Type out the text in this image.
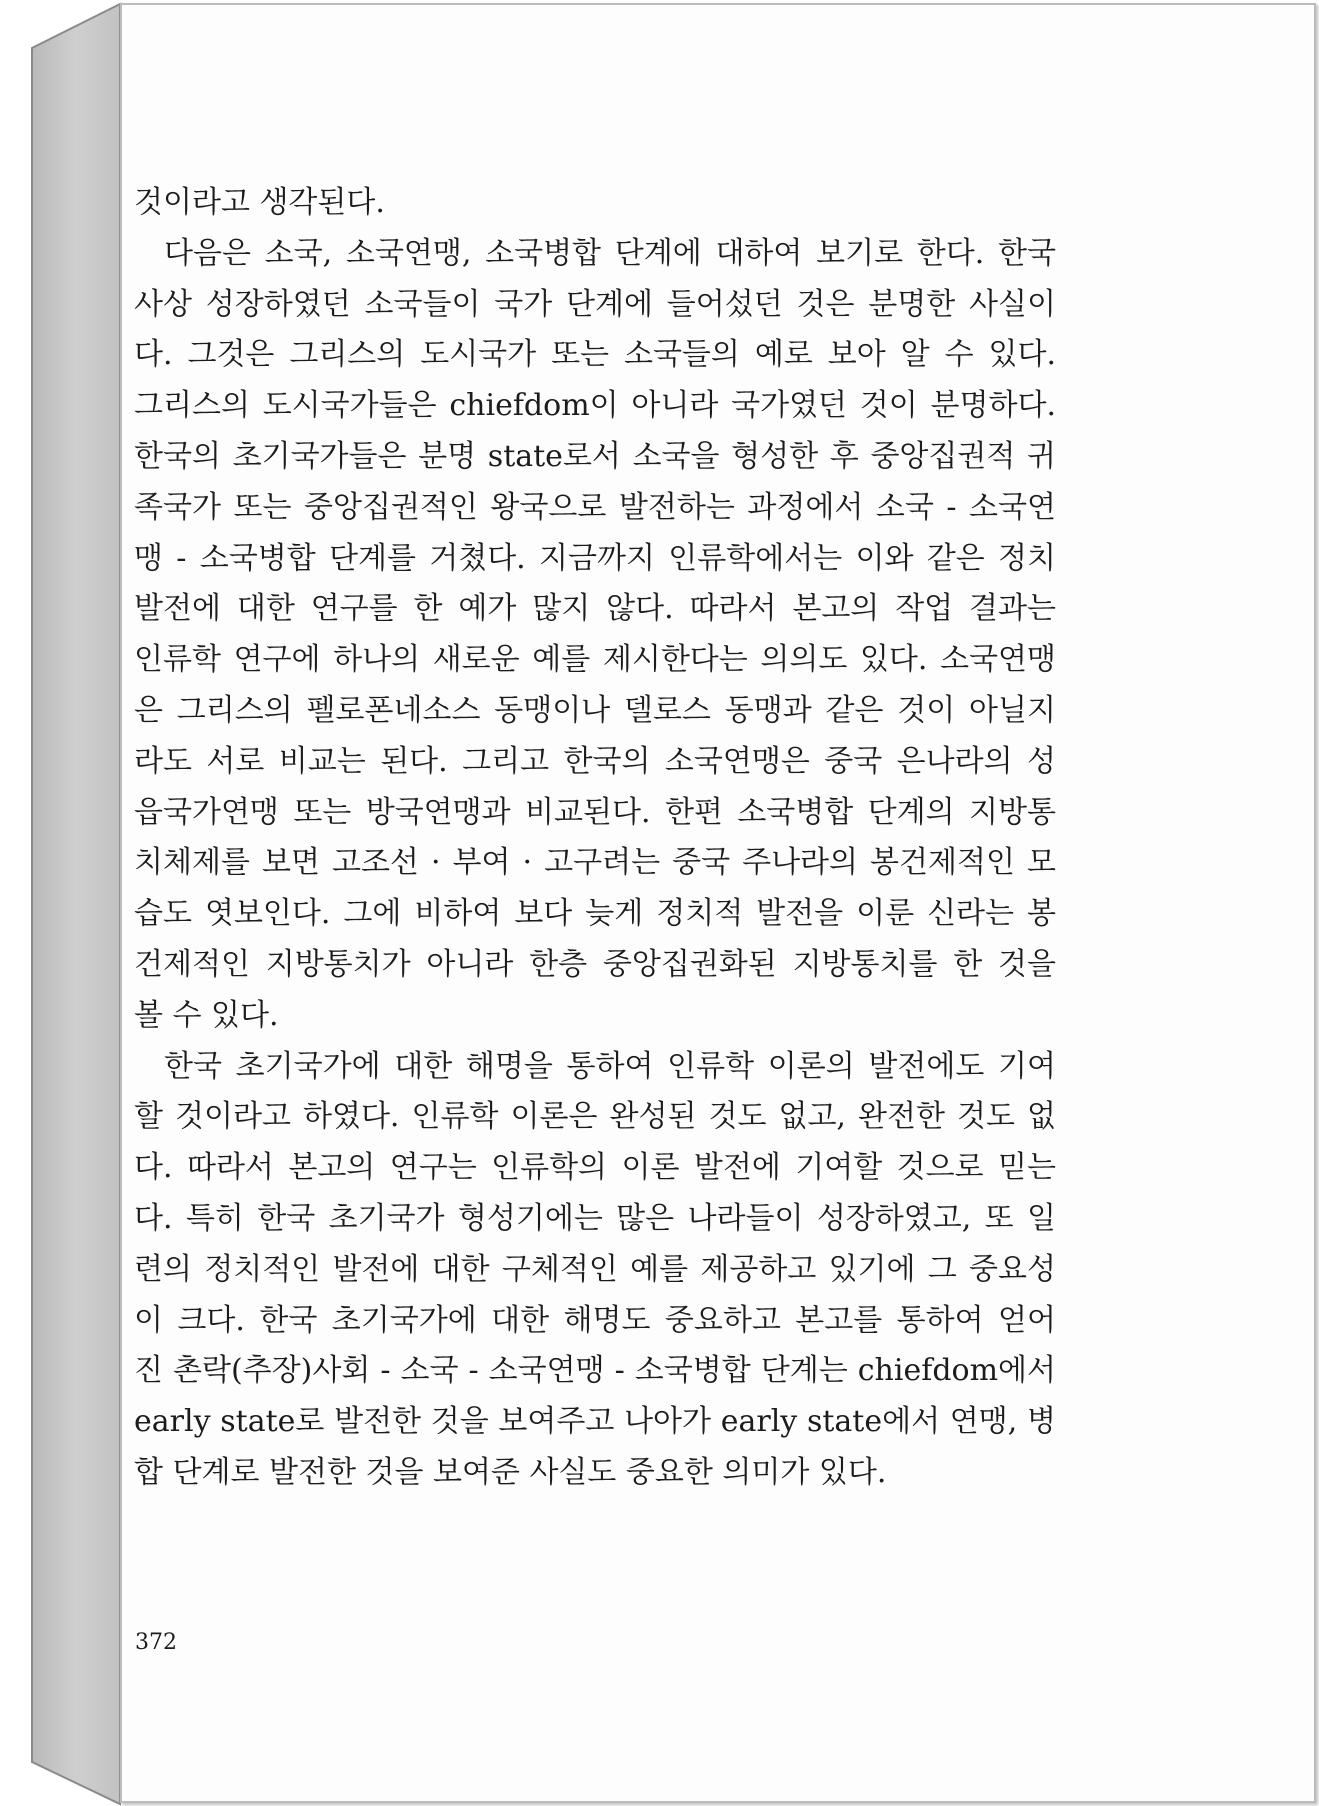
것이라고 생각된다.
다음은 소국, 소국연맹, 소국병합 단계에 대하여 보기로 한다. 한국
사상 성장하였던 소국들이 국가 단계에 들어섰던 것은 분명한 사실이
다. 그것은 그리스의 도시국가 또는 소국들의 예로 보아 알 수 있다.
그리스의 도시국가들은 chiefdom이 아니라 국가였던 것이 분명하다.
한국의 초기국가들은 분명 state로서 소국을 형성한 후 중앙집권적 귀
족국가 또는 중앙집권적인 왕국으로 발전하는 과정에서 소국 - 소국연
맹 - 소국병합 단계를 거쳤다. 지금까지 인류학에서는 이와 같은 정치
발전에 대한 연구를 한 예가 많지 않다. 따라서 본고의 작업 결과는
인류학 연구에 하나의 새로운 예를 제시한다는 의의도 있다. 소국연맹
은 그리스의 펠로폰네소스 동맹이나 델로스 동맹과 같은 것이 아닐지
라도 서로 비교는 된다. 그리고 한국의 소국연맹은 중국 은나라의 성
읍국가연맹 또는 방국연맹과 비교된다. 한편 소국병합 단계의 지방통
치체제를 보면 고조선 · 부여 · 고구려는 중국 주나라의 봉건제적인 모
습도 엿보인다. 그에 비하여 보다 늦게 정치적 발전을 이룬 신라는 봉
건제적인 지방통치가 아니라 한층 중앙집권화된 지방통치를 한 것을
볼 수 있다.
한국 초기국가에 대한 해명을 통하여 인류학 이론의 발전에도 기여
할 것이라고 하였다. 인류학 이론은 완성된 것도 없고, 완전한 것도 없
다. 따라서 본고의 연구는 인류학의 이론 발전에 기여할 것으로 믿는
다. 특히 한국 초기국가 형성기에는 많은 나라들이 성장하였고, 또 일
련의 정치적인 발전에 대한 구체적인 예를 제공하고 있기에 그 중요성
이 크다. 한국 초기국가에 대한 해명도 중요하고 본고를 통하여 얻어
진 촌락(추장)사회 - 소국 - 소국연맹 - 소국병합 단계는 chiefdom에서
early state로 발전한 것을 보여주고 나아가 early state에서 연맹, 병
합 단계로 발전한 것을 보여준 사실도 중요한 의미가 있다.
372
